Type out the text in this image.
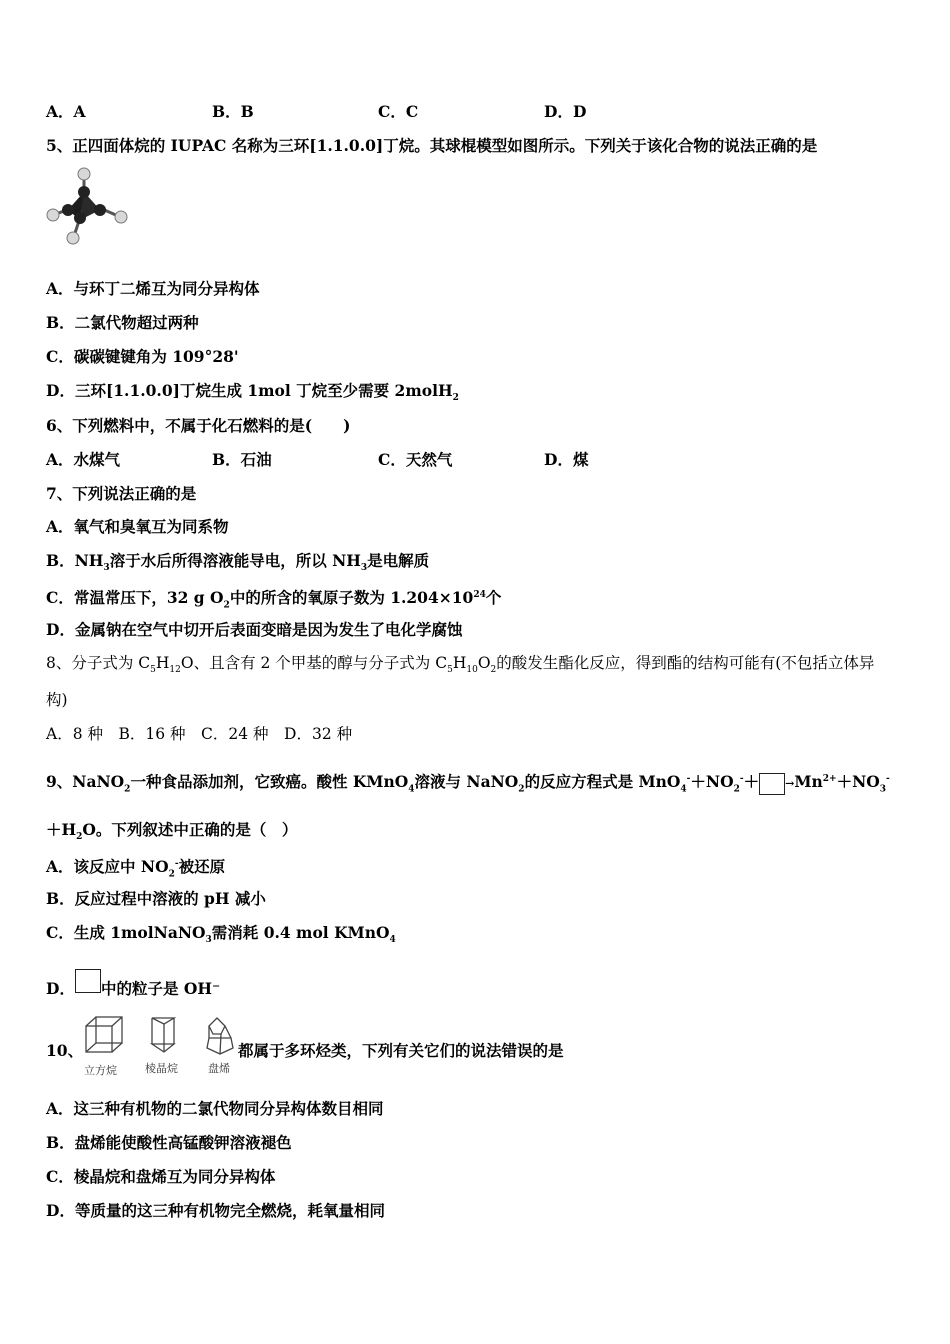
A．A	B．B	C．C	D．D
5、正四面体烷的 IUPAC 名称为三环[1.1.0.0]丁烷。其球棍模型如图所示。下列关于该化合物的说法正确的是
A．与环丁二烯互为同分异构体
B．二氯代物超过两种
C．碳碳键键角为 109°28'
D．三环[1.1.0.0]丁烷生成 1mol 丁烷至少需要 2molH$_2$
6、下列燃料中，不属于化石燃料的是(　　)
A．水煤气	B．石油	C．天然气	D．煤
7、下列说法正确的是
A．氧气和臭氧互为同系物
B．$NH_3$溶于水后所得溶液能导电，所以 $NH_3$是电解质
C．常温常压下，32 g $O_2$中的所含的氧原子数为 $1.204\times 10^{24}$个
D．金属钠在空气中切开后表面变暗是因为发生了电化学腐蚀
8、分子式为 $C_5H_{12}O$、且含有 2 个甲基的醇与分子式为 $C_5H_{10}O_2$的酸发生酯化反应，得到酯的结构可能有(不包括立体异
构)
A．8 种　B．16 种　C．24 种　D．32 种
9、NaNO$_2$一种食品添加剂，它致癌。酸性 KMnO$_4$溶液与 NaNO$_2$的反应方程式是 $MnO_4^-+NO_2^-+ \to Mn^{2+}+NO_3^-$
$+H_2O$。下列叙述中正确的是（　）
A．该反应中 $NO_2^-$被还原
B．反应过程中溶液的 pH 减小
C．生成 1molNaNO$_3$需消耗 0.4 mol KMnO$_4$
D． 中的粒子是 OH⁻
10、
立方烷	棱晶烷	盘烯
都属于多环烃类，下列有关它们的说法错误的是
A．这三种有机物的二氯代物同分异构体数目相同
B．盘烯能使酸性高锰酸钾溶液褪色
C．棱晶烷和盘烯互为同分异构体
D．等质量的这三种有机物完全燃烧，耗氧量相同
